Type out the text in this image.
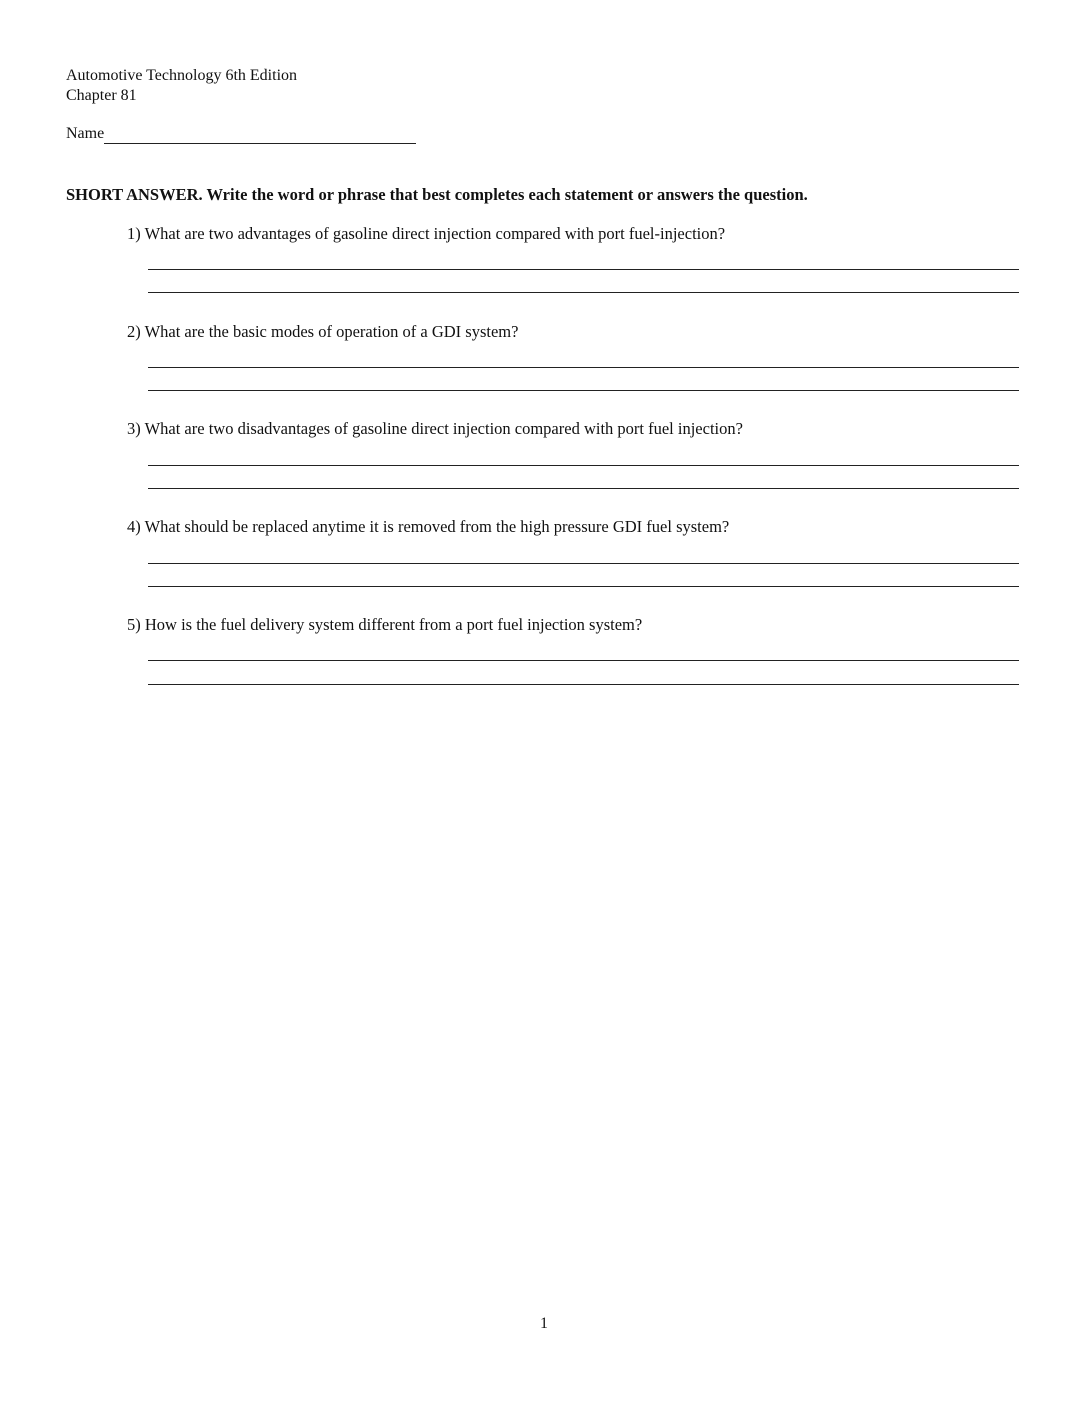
Automotive Technology 6th Edition
Chapter 81
Name
SHORT ANSWER. Write the word or phrase that best completes each statement or answers the question.
1) What are two advantages of gasoline direct injection compared with port fuel-injection?
2) What are the basic modes of operation of a GDI system?
3) What are two disadvantages of gasoline direct injection compared with port fuel injection?
4) What should be replaced anytime it is removed from the high pressure GDI fuel system?
5) How is the fuel delivery system different from a port fuel injection system?
1
